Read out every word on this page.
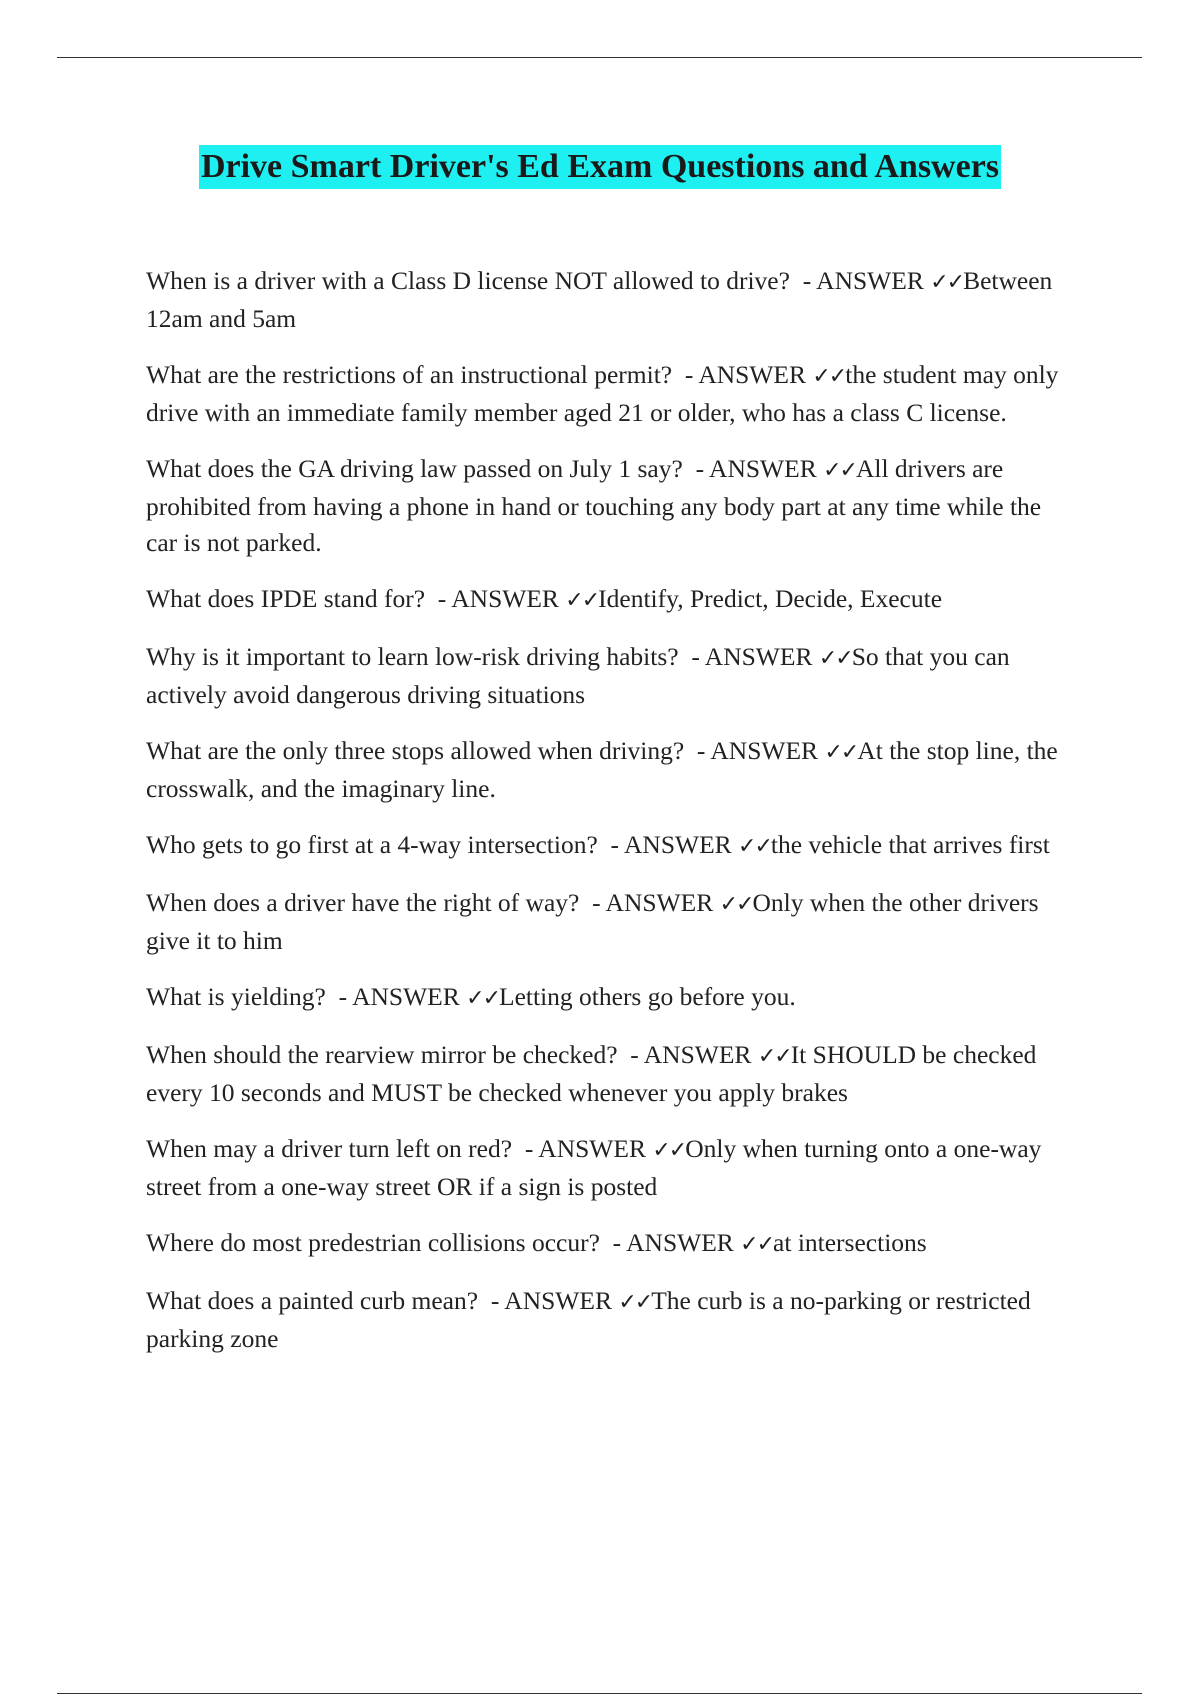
Drive Smart Driver's Ed Exam Questions and Answers
When is a driver with a Class D license NOT allowed to drive? - ANSWER ✓✓Between 12am and 5am
What are the restrictions of an instructional permit? - ANSWER ✓✓the student may only drive with an immediate family member aged 21 or older, who has a class C license.
What does the GA driving law passed on July 1 say? - ANSWER ✓✓All drivers are prohibited from having a phone in hand or touching any body part at any time while the car is not parked.
What does IPDE stand for? - ANSWER ✓✓Identify, Predict, Decide, Execute
Why is it important to learn low-risk driving habits? - ANSWER ✓✓So that you can actively avoid dangerous driving situations
What are the only three stops allowed when driving? - ANSWER ✓✓At the stop line, the crosswalk, and the imaginary line.
Who gets to go first at a 4-way intersection? - ANSWER ✓✓the vehicle that arrives first
When does a driver have the right of way? - ANSWER ✓✓Only when the other drivers give it to him
What is yielding? - ANSWER ✓✓Letting others go before you.
When should the rearview mirror be checked? - ANSWER ✓✓It SHOULD be checked every 10 seconds and MUST be checked whenever you apply brakes
When may a driver turn left on red? - ANSWER ✓✓Only when turning onto a one-way street from a one-way street OR if a sign is posted
Where do most predestrian collisions occur? - ANSWER ✓✓at intersections
What does a painted curb mean? - ANSWER ✓✓The curb is a no-parking or restricted parking zone
